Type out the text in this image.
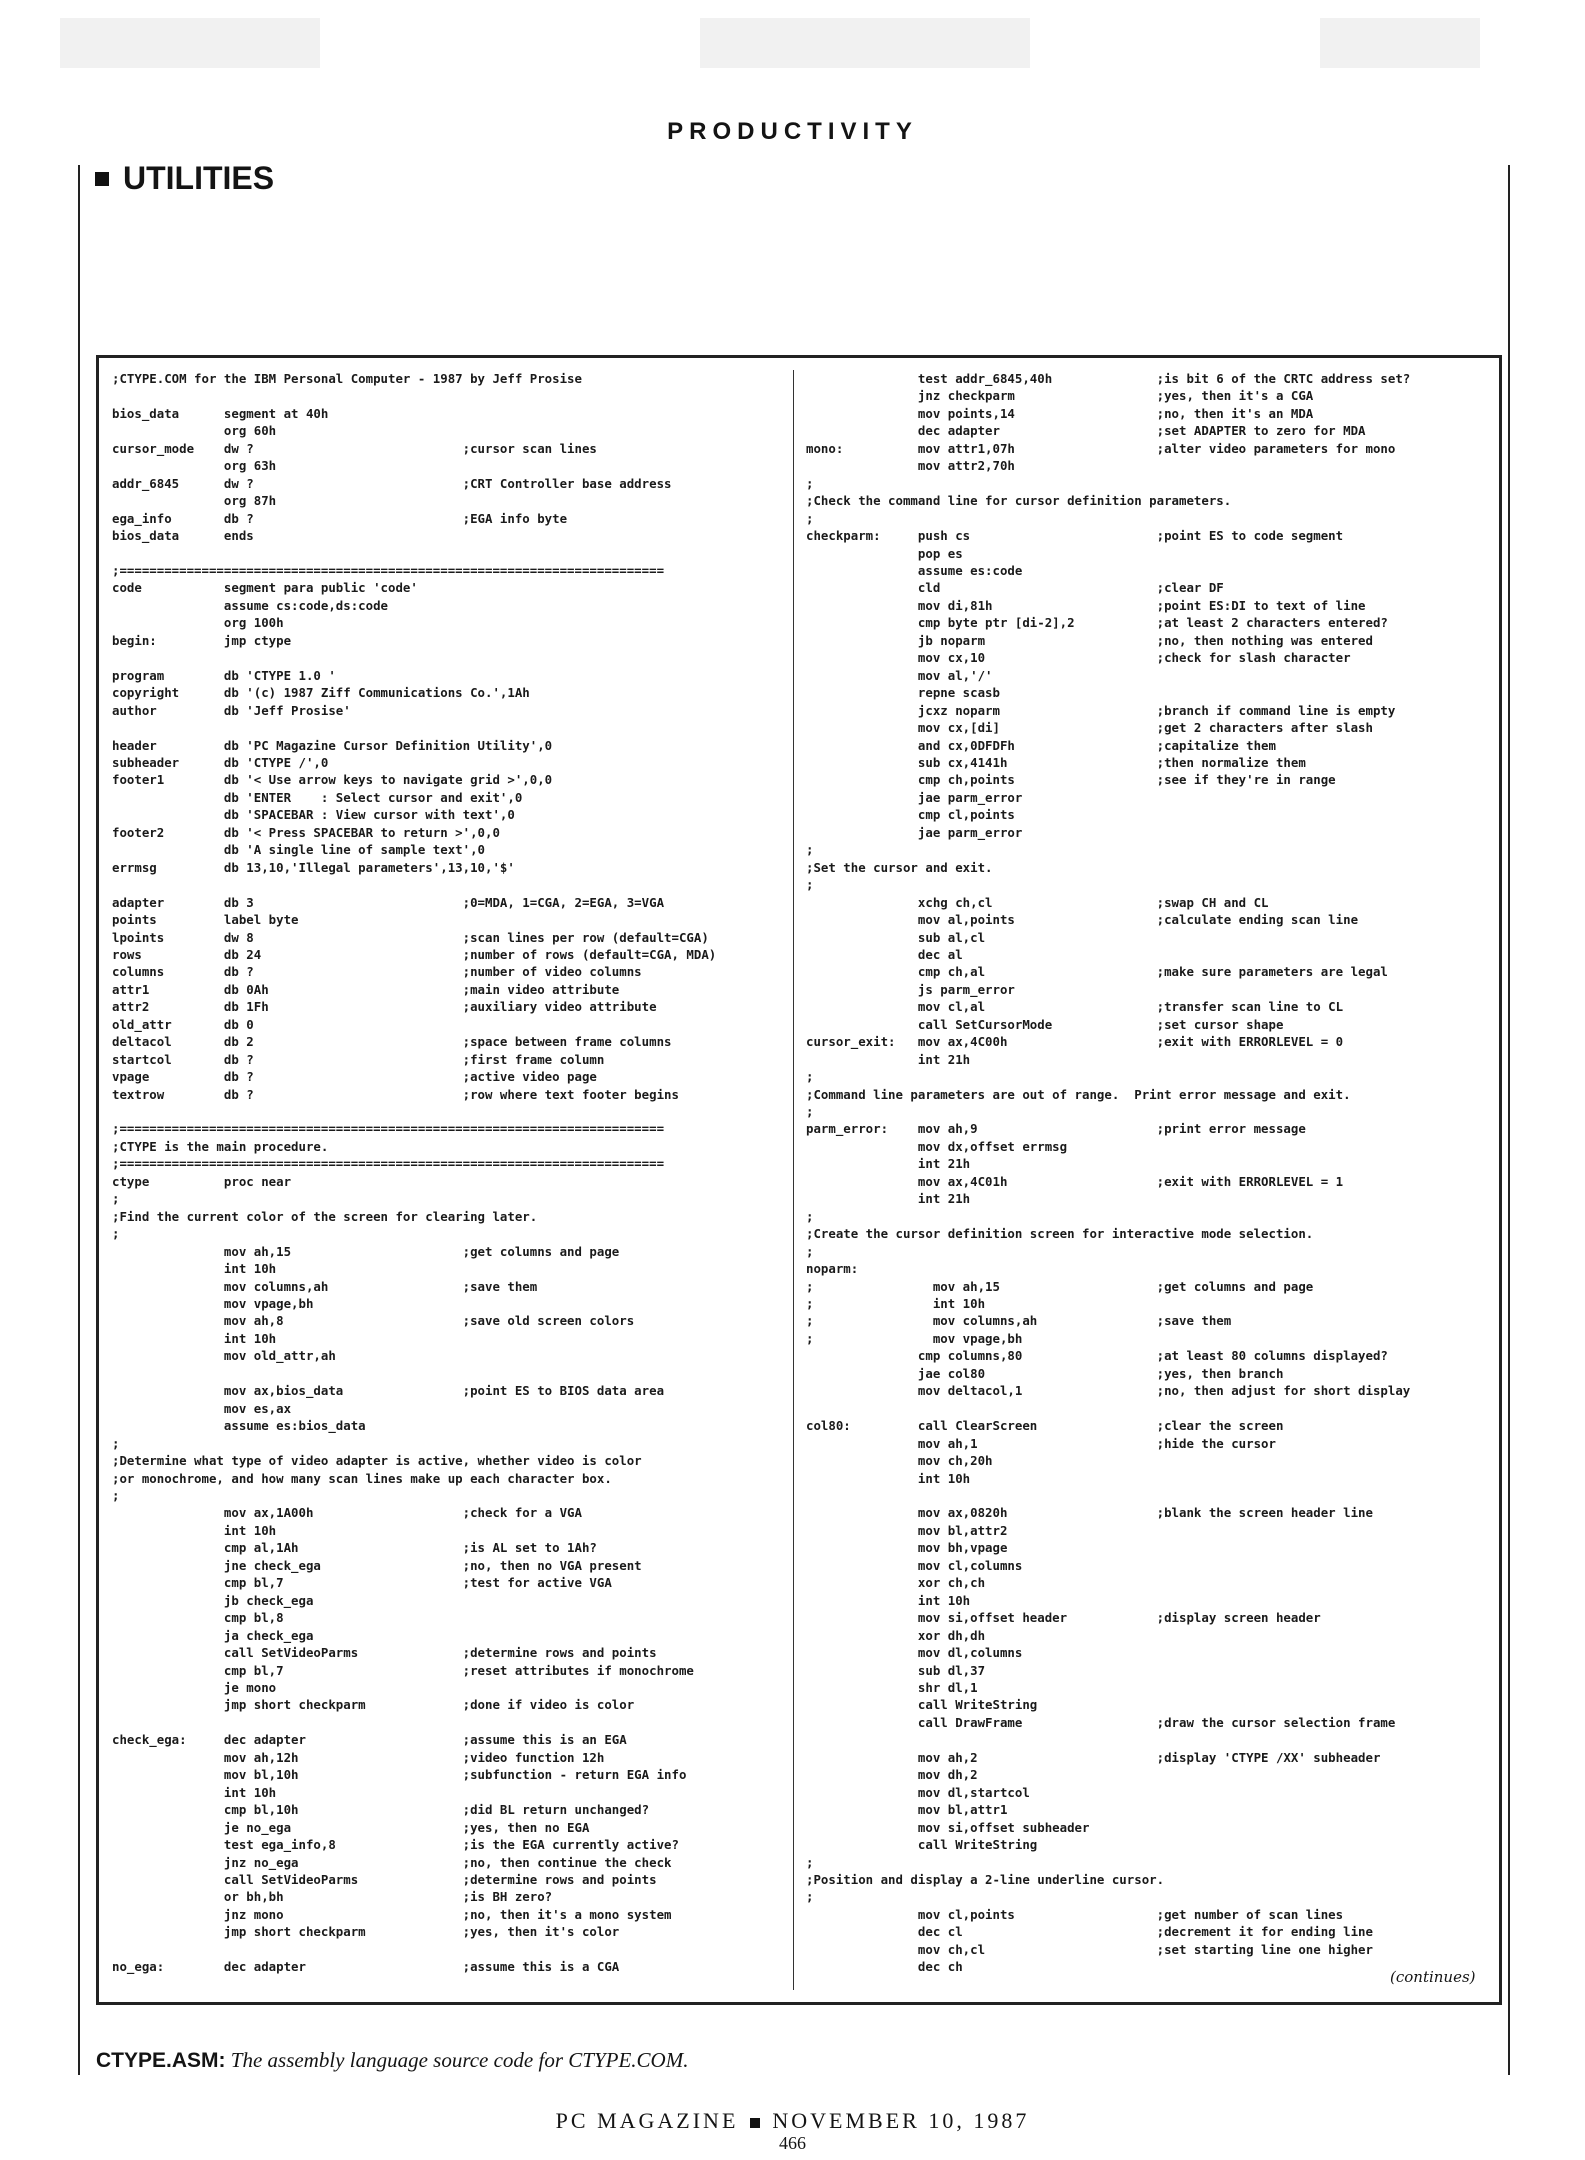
PRODUCTIVITY
UTILITIES
;CTYPE.COM for the IBM Personal Computer - 1987 by Jeff Prosise

bios_data      segment at 40h
org 60h
cursor_mode    dw ?                            ;cursor scan lines
org 63h
addr_6845      dw ?                            ;CRT Controller base address
org 87h
ega_info       db ?                            ;EGA info byte
bios_data      ends

;=========================================================================
code           segment para public 'code'
assume cs:code,ds:code
org 100h
begin:         jmp ctype

program        db 'CTYPE 1.0 '
copyright      db '(c) 1987 Ziff Communications Co.',1Ah
author         db 'Jeff Prosise'

header         db 'PC Magazine Cursor Definition Utility',0
subheader      db 'CTYPE /',0
footer1        db '< Use arrow keys to navigate grid >',0,0
db 'ENTER    : Select cursor and exit',0
db 'SPACEBAR : View cursor with text',0
footer2        db '< Press SPACEBAR to return >',0,0
db 'A single line of sample text',0
errmsg         db 13,10,'Illegal parameters',13,10,'$'

adapter        db 3                            ;0=MDA, 1=CGA, 2=EGA, 3=VGA
points         label byte
lpoints        dw 8                            ;scan lines per row (default=CGA)
rows           db 24                           ;number of rows (default=CGA, MDA)
columns        db ?                            ;number of video columns
attr1          db 0Ah                          ;main video attribute
attr2          db 1Fh                          ;auxiliary video attribute
old_attr       db 0
deltacol       db 2                            ;space between frame columns
startcol       db ?                            ;first frame column
vpage          db ?                            ;active video page
textrow        db ?                            ;row where text footer begins

;=========================================================================
;CTYPE is the main procedure.
;=========================================================================
ctype          proc near
;
;Find the current color of the screen for clearing later.
;
mov ah,15                       ;get columns and page
int 10h
mov columns,ah                  ;save them
mov vpage,bh
mov ah,8                        ;save old screen colors
int 10h
mov old_attr,ah

mov ax,bios_data                ;point ES to BIOS data area
mov es,ax
assume es:bios_data
;
;Determine what type of video adapter is active, whether video is color
;or monochrome, and how many scan lines make up each character box.
;
mov ax,1A00h                    ;check for a VGA
int 10h
cmp al,1Ah                      ;is AL set to 1Ah?
jne check_ega                   ;no, then no VGA present
cmp bl,7                        ;test for active VGA
jb check_ega
cmp bl,8
ja check_ega
call SetVideoParms              ;determine rows and points
cmp bl,7                        ;reset attributes if monochrome
je mono
jmp short checkparm             ;done if video is color

check_ega:     dec adapter                     ;assume this is an EGA
mov ah,12h                      ;video function 12h
mov bl,10h                      ;subfunction - return EGA info
int 10h
cmp bl,10h                      ;did BL return unchanged?
je no_ega                       ;yes, then no EGA
test ega_info,8                 ;is the EGA currently active?
jnz no_ega                      ;no, then continue the check
call SetVideoParms              ;determine rows and points
or bh,bh                        ;is BH zero?
jnz mono                        ;no, then it's a mono system
jmp short checkparm             ;yes, then it's color

no_ega:        dec adapter                     ;assume this is a CGA
test addr_6845,40h              ;is bit 6 of the CRTC address set?
jnz checkparm                   ;yes, then it's a CGA
mov points,14                   ;no, then it's an MDA
dec adapter                     ;set ADAPTER to zero for MDA
mono:          mov attr1,07h                   ;alter video parameters for mono
mov attr2,70h
;
;Check the command line for cursor definition parameters.
;
checkparm:     push cs                         ;point ES to code segment
pop es
assume es:code
cld                             ;clear DF
mov di,81h                      ;point ES:DI to text of line
cmp byte ptr [di-2],2           ;at least 2 characters entered?
jb noparm                       ;no, then nothing was entered
mov cx,10                       ;check for slash character
mov al,'/'
repne scasb
jcxz noparm                     ;branch if command line is empty
mov cx,[di]                     ;get 2 characters after slash
and cx,0DFDFh                   ;capitalize them
sub cx,4141h                    ;then normalize them
cmp ch,points                   ;see if they're in range
jae parm_error
cmp cl,points
jae parm_error
;
;Set the cursor and exit.
;
xchg ch,cl                      ;swap CH and CL
mov al,points                   ;calculate ending scan line
sub al,cl
dec al
cmp ch,al                       ;make sure parameters are legal
js parm_error
mov cl,al                       ;transfer scan line to CL
call SetCursorMode              ;set cursor shape
cursor_exit:   mov ax,4C00h                    ;exit with ERRORLEVEL = 0
int 21h
;
;Command line parameters are out of range.  Print error message and exit.
;
parm_error:    mov ah,9                        ;print error message
mov dx,offset errmsg
int 21h
mov ax,4C01h                    ;exit with ERRORLEVEL = 1
int 21h
;
;Create the cursor definition screen for interactive mode selection.
;
noparm:
;                mov ah,15                     ;get columns and page
;                int 10h
;                mov columns,ah                ;save them
;                mov vpage,bh
cmp columns,80                  ;at least 80 columns displayed?
jae col80                       ;yes, then branch
mov deltacol,1                  ;no, then adjust for short display

col80:         call ClearScreen                ;clear the screen
mov ah,1                        ;hide the cursor
mov ch,20h
int 10h

mov ax,0820h                    ;blank the screen header line
mov bl,attr2
mov bh,vpage
mov cl,columns
xor ch,ch
int 10h
mov si,offset header            ;display screen header
xor dh,dh
mov dl,columns
sub dl,37
shr dl,1
call WriteString
call DrawFrame                  ;draw the cursor selection frame

mov ah,2                        ;display 'CTYPE /XX' subheader
mov dh,2
mov dl,startcol
mov bl,attr1
mov si,offset subheader
call WriteString
;
;Position and display a 2-line underline cursor.
;
mov cl,points                   ;get number of scan lines
dec cl                          ;decrement it for ending line
mov ch,cl                       ;set starting line one higher
dec ch
(continues)
CTYPE.ASM: The assembly language source code for CTYPE.COM.
PC MAGAZINE NOVEMBER 10, 1987
466
